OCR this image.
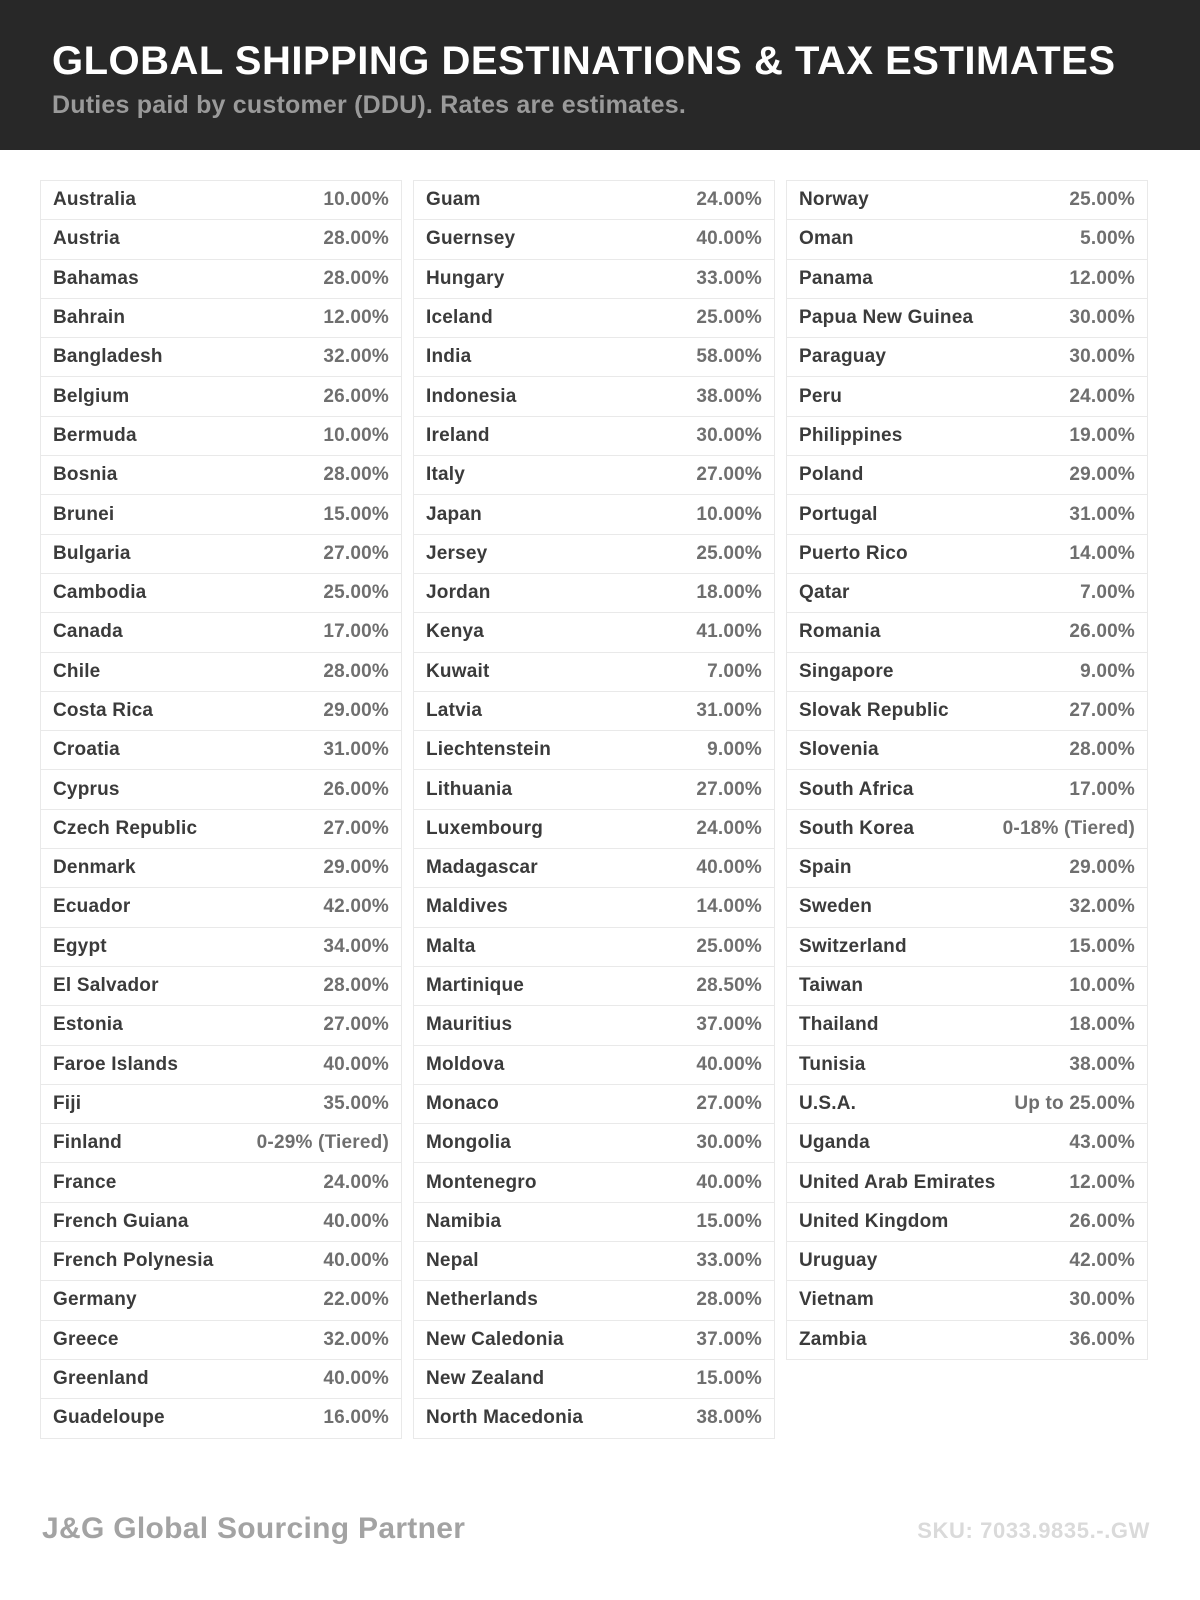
GLOBAL SHIPPING DESTINATIONS & TAX ESTIMATES

Duties paid by customer (DDU). Rates are estimates.

Australia	10.00%
Austria	28.00%
Bahamas	28.00%
Bahrain	12.00%
Bangladesh	32.00%
Belgium	26.00%
Bermuda	10.00%
Bosnia	28.00%
Brunei	15.00%
Bulgaria	27.00%
Cambodia	25.00%
Canada	17.00%
Chile	28.00%
Costa Rica	29.00%
Croatia	31.00%
Cyprus	26.00%
Czech Republic	27.00%
Denmark	29.00%
Ecuador	42.00%
Egypt	34.00%
El Salvador	28.00%
Estonia	27.00%
Faroe Islands	40.00%
Fiji	35.00%
Finland	0-29% (Tiered)
France	24.00%
French Guiana	40.00%
French Polynesia	40.00%
Germany	22.00%
Greece	32.00%
Greenland	40.00%
Guadeloupe	16.00%
Guam	24.00%
Guernsey	40.00%
Hungary	33.00%
Iceland	25.00%
India	58.00%
Indonesia	38.00%
Ireland	30.00%
Italy	27.00%
Japan	10.00%
Jersey	25.00%
Jordan	18.00%
Kenya	41.00%
Kuwait	7.00%
Latvia	31.00%
Liechtenstein	9.00%
Lithuania	27.00%
Luxembourg	24.00%
Madagascar	40.00%
Maldives	14.00%
Malta	25.00%
Martinique	28.50%
Mauritius	37.00%
Moldova	40.00%
Monaco	27.00%
Mongolia	30.00%
Montenegro	40.00%
Namibia	15.00%
Nepal	33.00%
Netherlands	28.00%
New Caledonia	37.00%
New Zealand	15.00%
North Macedonia	38.00%
Norway	25.00%
Oman	5.00%
Panama	12.00%
Papua New Guinea	30.00%
Paraguay	30.00%
Peru	24.00%
Philippines	19.00%
Poland	29.00%
Portugal	31.00%
Puerto Rico	14.00%
Qatar	7.00%
Romania	26.00%
Singapore	9.00%
Slovak Republic	27.00%
Slovenia	28.00%
South Africa	17.00%
South Korea	0-18% (Tiered)
Spain	29.00%
Sweden	32.00%
Switzerland	15.00%
Taiwan	10.00%
Thailand	18.00%
Tunisia	38.00%
U.S.A.	Up to 25.00%
Uganda	43.00%
United Arab Emirates	12.00%
United Kingdom	26.00%
Uruguay	42.00%
Vietnam	30.00%
Zambia	36.00%
J&G Global Sourcing Partner	SKU: 7033.9835.-.GW
